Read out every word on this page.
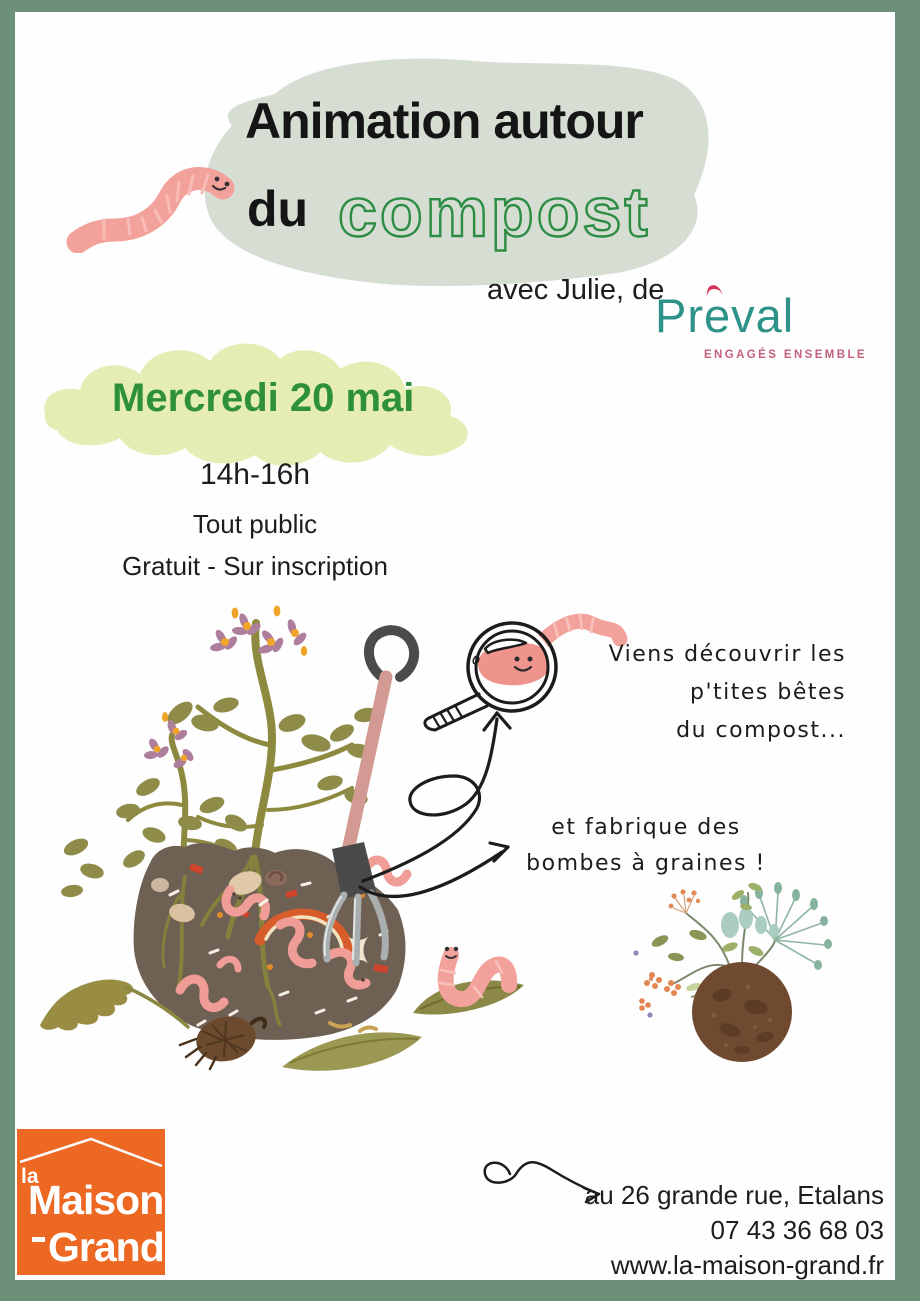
Animation autour
du compost
avec Julie, de
Pr
eval
ENGAGÉS ENSEMBLE
Mercredi 20 mai
14h-16h
Tout public
Gratuit - Sur inscription
Viens découvrir les
p'tites bêtes
du compost...
et fabrique des
bombes à graines !
la
Maison
Grand
au 26 grande rue, Etalans
07 43 36 68 03
www.la-maison-grand.fr
